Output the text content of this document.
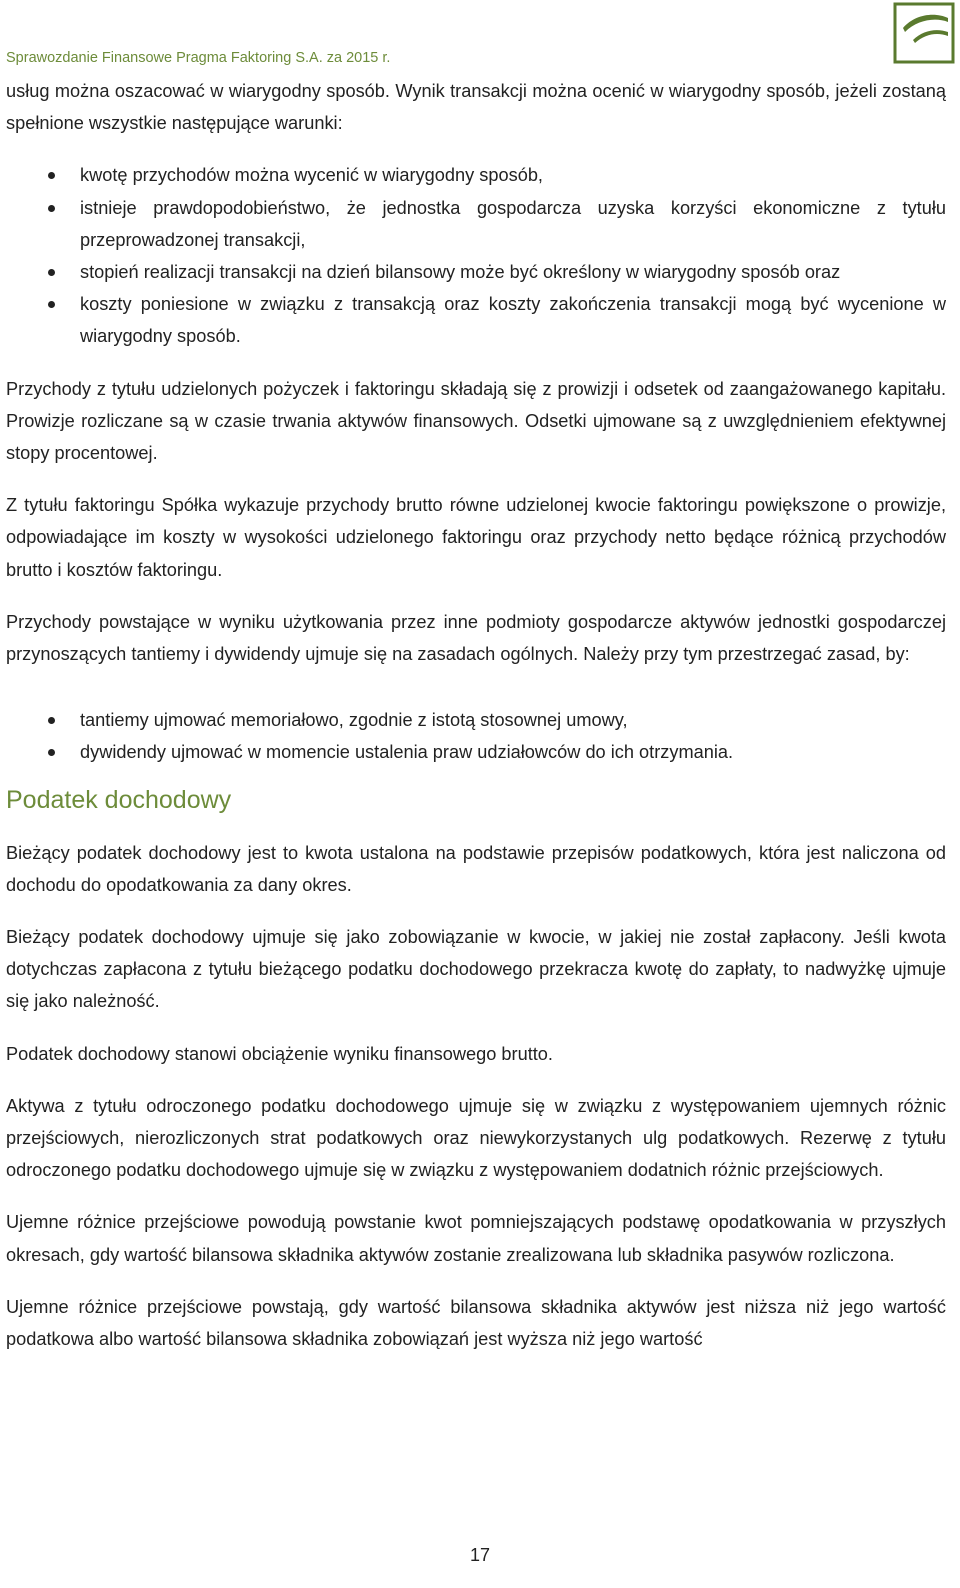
Sprawozdanie Finansowe Pragma Faktoring S.A. za 2015 r.

usług można oszacować w wiarygodny sposób. Wynik transakcji można ocenić w wiarygodny sposób, jeżeli zostaną spełnione wszystkie następujące warunki:

kwotę przychodów można wycenić w wiarygodny sposób,
istnieje prawdopodobieństwo, że jednostka gospodarcza uzyska korzyści ekonomiczne z tytułu przeprowadzonej transakcji,
stopień realizacji transakcji na dzień bilansowy może być określony w wiarygodny sposób oraz
koszty poniesione w związku z transakcją oraz koszty zakończenia transakcji mogą być wycenione w wiarygodny sposób.

Przychody z tytułu udzielonych pożyczek i faktoringu składają się z prowizji i odsetek od zaangażowanego kapitału. Prowizje rozliczane są w czasie trwania aktywów finansowych. Odsetki ujmowane są z uwzględnieniem efektywnej stopy procentowej.

Z tytułu faktoringu Spółka wykazuje przychody brutto równe udzielonej kwocie faktoringu powiększone o prowizje, odpowiadające im koszty w wysokości udzielonego faktoringu oraz przychody netto będące różnicą przychodów brutto i kosztów faktoringu.

Przychody powstające w wyniku użytkowania przez inne podmioty gospodarcze aktywów jednostki gospodarczej przynoszących tantiemy i dywidendy ujmuje się na zasadach ogólnych. Należy przy tym przestrzegać zasad, by:

tantiemy ujmować memoriałowo, zgodnie z istotą stosownej umowy,
dywidendy ujmować w momencie ustalenia praw udziałowców do ich otrzymania.
Podatek dochodowy

Bieżący podatek dochodowy jest to kwota ustalona na podstawie przepisów podatkowych, która jest naliczona od dochodu do opodatkowania za dany okres.

Bieżący podatek dochodowy ujmuje się jako zobowiązanie w kwocie, w jakiej nie został zapłacony. Jeśli kwota dotychczas zapłacona z tytułu bieżącego podatku dochodowego przekracza kwotę do zapłaty, to nadwyżkę ujmuje się jako należność.

Podatek dochodowy stanowi obciążenie wyniku finansowego brutto.

Aktywa z tytułu odroczonego podatku dochodowego ujmuje się w związku z występowaniem ujemnych różnic przejściowych, nierozliczonych strat podatkowych oraz niewykorzystanych ulg podatkowych. Rezerwę z tytułu odroczonego podatku dochodowego ujmuje się w związku z występowaniem dodatnich różnic przejściowych.

Ujemne różnice przejściowe powodują powstanie kwot pomniejszających podstawę opodatkowania w przyszłych okresach, gdy wartość bilansowa składnika aktywów zostanie zrealizowana lub składnika pasywów rozliczona.

Ujemne różnice przejściowe powstają, gdy wartość bilansowa składnika aktywów jest niższa niż jego wartość podatkowa albo wartość bilansowa składnika zobowiązań jest wyższa niż jego wartość

17
